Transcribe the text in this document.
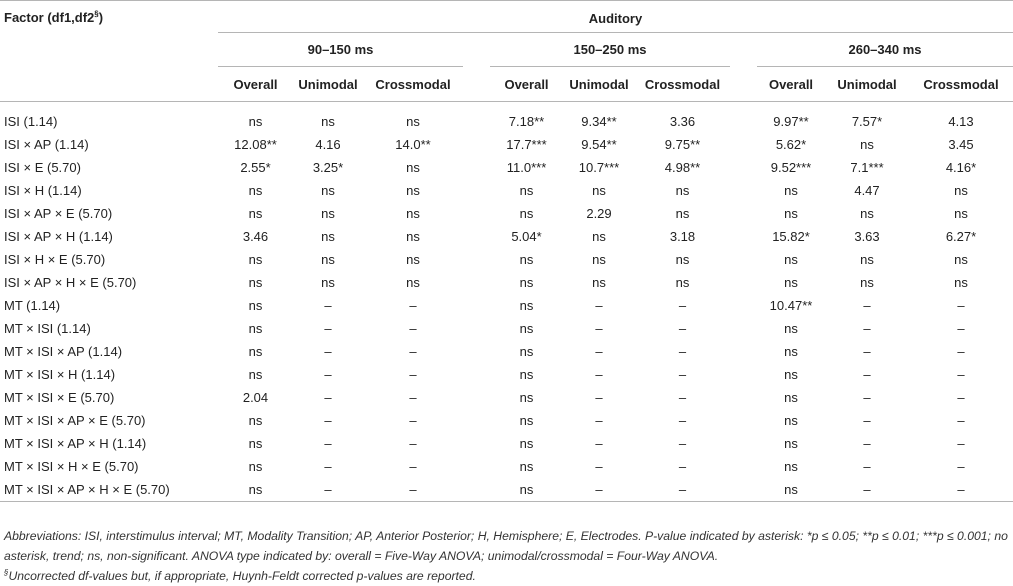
Factor (df1,df2§)	Auditory										
	90–150 ms				150–250 ms				260–340 ms		
	Overall	Unimodal	Crossmodal		Overall	Unimodal	Crossmodal		Overall	Unimodal	Crossmodal

ISI (1.14)	ns	ns	ns		7.18**	9.34**	3.36		9.97**	7.57*	4.13
ISI × AP (1.14)	12.08**	4.16	14.0**		17.7***	9.54**	9.75**		5.62*	ns	3.45
ISI × E (5.70)	2.55*	3.25*	ns		11.0***	10.7***	4.98**		9.52***	7.1***	4.16*
ISI × H (1.14)	ns	ns	ns		ns	ns	ns		ns	4.47	ns
ISI × AP × E (5.70)	ns	ns	ns		ns	2.29	ns		ns	ns	ns
ISI × AP × H (1.14)	3.46	ns	ns		5.04*	ns	3.18		15.82*	3.63	6.27*
ISI × H × E (5.70)	ns	ns	ns		ns	ns	ns		ns	ns	ns
ISI × AP × H × E (5.70)	ns	ns	ns		ns	ns	ns		ns	ns	ns
MT (1.14)	ns	–	–		ns	–	–		10.47**	–	–
MT × ISI (1.14)	ns	–	–		ns	–	–		ns	–	–
MT × ISI × AP (1.14)	ns	–	–		ns	–	–		ns	–	–
MT × ISI × H (1.14)	ns	–	–		ns	–	–		ns	–	–
MT × ISI × E (5.70)	2.04	–	–		ns	–	–		ns	–	–
MT × ISI × AP × E (5.70)	ns	–	–		ns	–	–		ns	–	–
MT × ISI × AP × H (1.14)	ns	–	–		ns	–	–		ns	–	–
MT × ISI × H × E (5.70)	ns	–	–		ns	–	–		ns	–	–
MT × ISI × AP × H × E (5.70)	ns	–	–		ns	–	–		ns	–	–

Abbreviations: ISI, interstimulus interval; MT, Modality Transition; AP, Anterior Posterior; H, Hemisphere; E, Electrodes. P-value indicated by asterisk: *p ≤ 0.05; **p ≤ 0.01; ***p ≤ 0.001; no asterisk, trend; ns, non-significant. ANOVA type indicated by: overall = Five-Way ANOVA; unimodal/crossmodal = Four-Way ANOVA.

§Uncorrected df-values but, if appropriate, Huynh-Feldt corrected p-values are reported.
